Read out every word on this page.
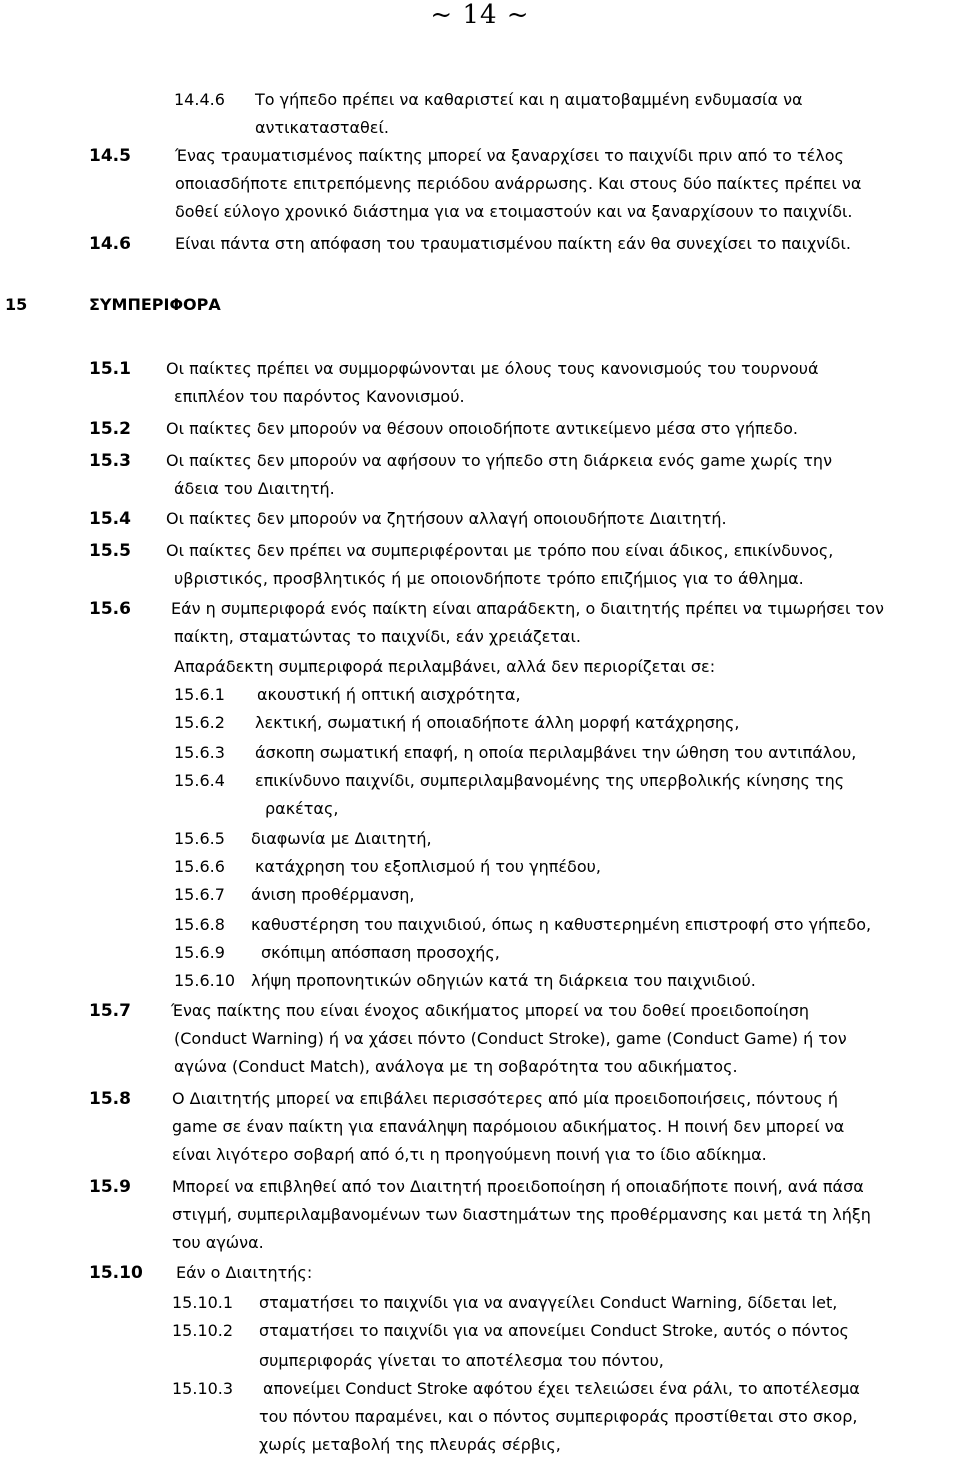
~ 14 ~
14.4.6 Το γήπεδο πρέπει να καθαριστεί και η αιματοβαμμένη ενδυμασία να
αντικατασταθεί.
14.5	Ένας τραυματισμένος παίκτης μπορεί να ξαναρχίσει το παιχνίδι πριν από το τέλος
οποιασδήποτε επιτρεπόμενης περιόδου ανάρρωσης. Και στους δύο παίκτες πρέπει να
δοθεί εύλογο χρονικό διάστημα για να ετοιμαστούν και να ξαναρχίσουν το παιχνίδι.
14.6	Είναι πάντα στη απόφαση του τραυματισμένου παίκτη εάν θα συνεχίσει το παιχνίδι.
15	ΣΥΜΠΕΡΙΦΟΡΑ
15.1 Οι παίκτες πρέπει να συμμορφώνονται με όλους τους κανονισμούς του τουρνουά
επιπλέον του παρόντος Κανονισμού.
15.2 Οι παίκτες δεν μπορούν να θέσουν οποιοδήποτε αντικείμενο μέσα στο γήπεδο.
15.3 Οι παίκτες δεν μπορούν να αφήσουν το γήπεδο στη διάρκεια ενός game χωρίς την
άδεια του Διαιτητή.
15.4 Οι παίκτες δεν μπορούν να ζητήσουν αλλαγή οποιουδήποτε Διαιτητή.
15.5 Οι παίκτες δεν πρέπει να συμπεριφέρονται με τρόπο που είναι άδικος, επικίνδυνος,
υβριστικός, προσβλητικός ή με οποιονδήποτε τρόπο επιζήμιος για το άθλημα.
15.6	Εάν η συμπεριφορά ενός παίκτη είναι απαράδεκτη, ο διαιτητής πρέπει να τιμωρήσει τον
παίκτη, σταματώντας το παιχνίδι, εάν χρειάζεται.
Απαράδεκτη συμπεριφορά περιλαμβάνει, αλλά δεν περιορίζεται σε:
15.6.1 ακουστική ή οπτική αισχρότητα,
15.6.2 λεκτική, σωματική ή οποιαδήποτε άλλη μορφή κατάχρησης,
15.6.3 άσκοπη σωματική επαφή, η οποία περιλαμβάνει την ώθηση του αντιπάλου,
15.6.4 επικίνδυνο παιχνίδι, συμπεριλαμβανομένης της υπερβολικής κίνησης της
ρακέτας,
15.6.5 διαφωνία με Διαιτητή,
15.6.6 κατάχρηση του εξοπλισμού ή του γηπέδου,
15.6.7 άνιση προθέρμανση,
15.6.8 καθυστέρηση του παιχνιδιού, όπως η καθυστερημένη επιστροφή στο γήπεδο,
15.6.9 σκόπιμη απόσπαση προσοχής,
15.6.10 λήψη προπονητικών οδηγιών κατά τη διάρκεια του παιχνιδιού.
15.7	Ένας παίκτης που είναι ένοχος αδικήματος μπορεί να του δοθεί προειδοποίηση
(Conduct Warning) ή να χάσει πόντο (Conduct Stroke), game (Conduct Game) ή τον
αγώνα (Conduct Match), ανάλογα με τη σοβαρότητα του αδικήματος.
15.8	Ο Διαιτητής μπορεί να επιβάλει περισσότερες από μία προειδοποιήσεις, πόντους ή
game σε έναν παίκτη για επανάληψη παρόμοιου αδικήματος. Η ποινή δεν μπορεί να
είναι λιγότερο σοβαρή από ό,τι η προηγούμενη ποινή για το ίδιο αδίκημα.
15.9	Μπορεί να επιβληθεί από τον Διαιτητή προειδοποίηση ή οποιαδήποτε ποινή, ανά πάσα
στιγμή, συμπεριλαμβανομένων των διαστημάτων της προθέρμανσης και μετά τη λήξη
του αγώνα.
15.10 Εάν ο Διαιτητής:
15.10.1 σταματήσει το παιχνίδι για να αναγγείλει Conduct Warning, δίδεται let,
15.10.2 σταματήσει το παιχνίδι για να απονείμει Conduct Stroke, αυτός ο πόντος
συμπεριφοράς γίνεται το αποτέλεσμα του πόντου,
15.10.3 απονείμει Conduct Stroke αφότου έχει τελειώσει ένα ράλι, το αποτέλεσμα
του πόντου παραμένει, και ο πόντος συμπεριφοράς προστίθεται στο σκορ,
χωρίς μεταβολή της πλευράς σέρβις,
